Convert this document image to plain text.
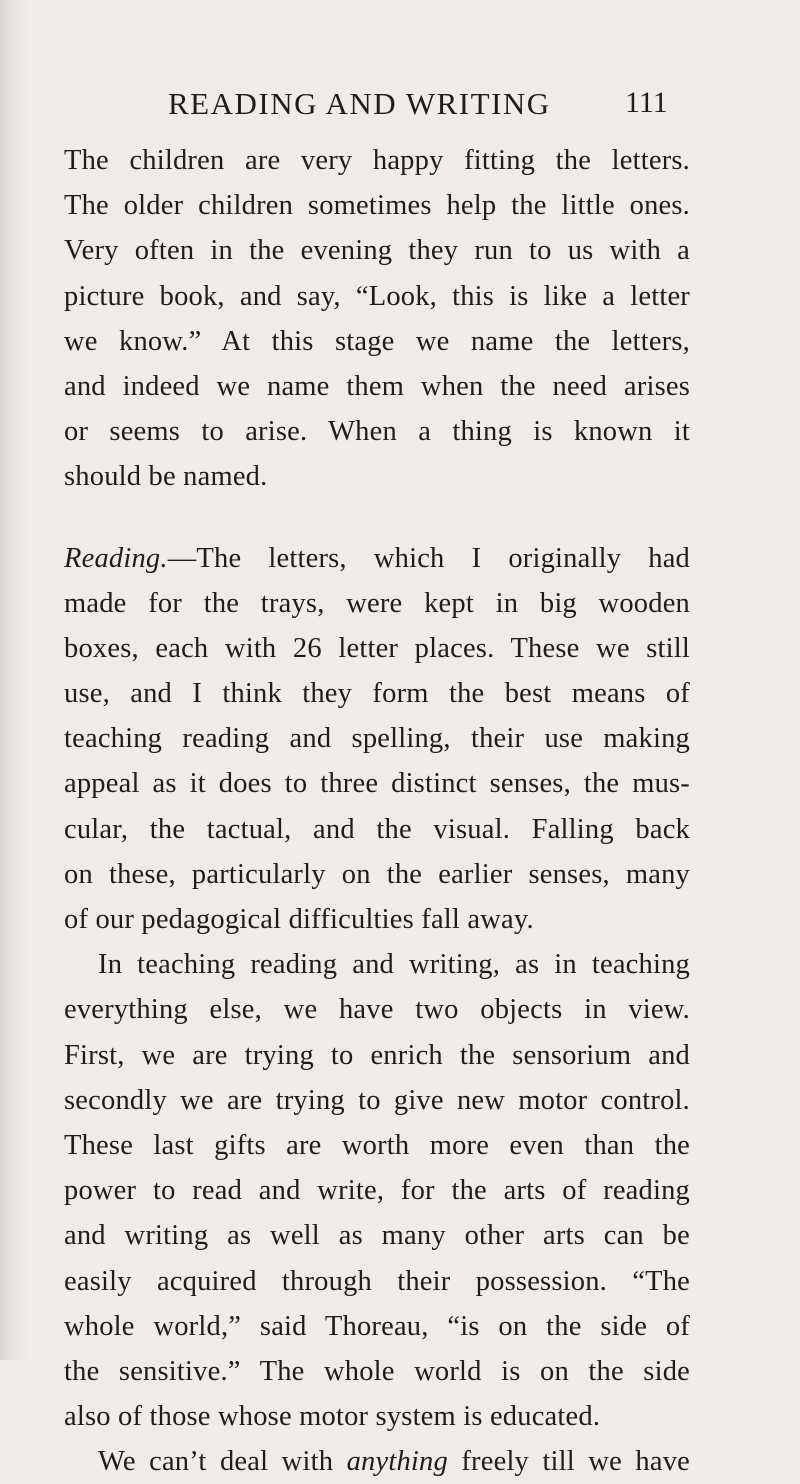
READING AND WRITING 111
The children are very happy fitting the letters.
The older children sometimes help the little ones.
Very often in the evening they run to us with a
picture book, and say, “Look, this is like a letter
we know.” At this stage we name the letters,
and indeed we name them when the need arises
or seems to arise. When a thing is known it
should be named.
Reading.—The letters, which I originally had
made for the trays, were kept in big wooden
boxes, each with 26 letter places. These we still
use, and I think they form the best means of
teaching reading and spelling, their use making
appeal as it does to three distinct senses, the mus-
cular, the tactual, and the visual. Falling back
on these, particularly on the earlier senses, many
of our pedagogical difficulties fall away.
In teaching reading and writing, as in teaching
everything else, we have two objects in view.
First, we are trying to enrich the sensorium and
secondly we are trying to give new motor control.
These last gifts are worth more even than the
power to read and write, for the arts of reading
and writing as well as many other arts can be
easily acquired through their possession. “The
whole world,” said Thoreau, “is on the side of
the sensitive.” The whole world is on the side
also of those whose motor system is educated.
We can’t deal with anything freely till we have
